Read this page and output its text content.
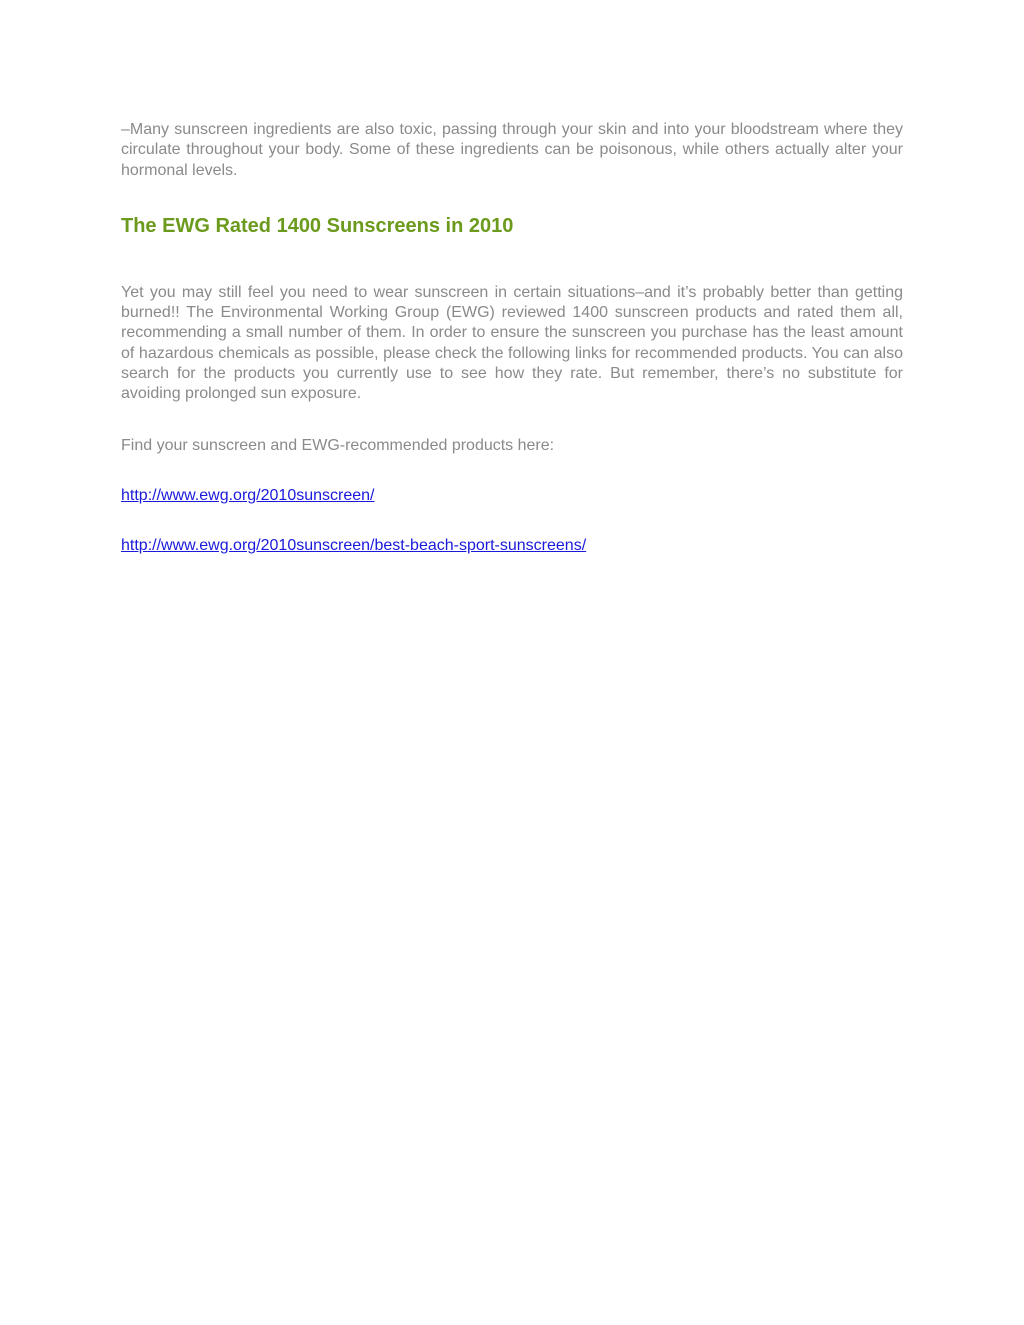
–Many sunscreen ingredients are also toxic, passing through your skin and into your bloodstream where they circulate throughout your body. Some of these ingredients can be poisonous, while others actually alter your hormonal levels.

The EWG Rated 1400 Sunscreens in 2010

Yet you may still feel you need to wear sunscreen in certain situations–and it’s probably better than getting burned!! The Environmental Working Group (EWG) reviewed 1400 sunscreen products and rated them all, recommending a small number of them. In order to ensure the sunscreen you purchase has the least amount of hazardous chemicals as possible, please check the following links for recommended products. You can also search for the products you currently use to see how they rate. But remember, there’s no substitute for avoiding prolonged sun exposure.

Find your sunscreen and EWG-recommended products here:

http://www.ewg.org/2010sunscreen/

http://www.ewg.org/2010sunscreen/best-beach-sport-sunscreens/
